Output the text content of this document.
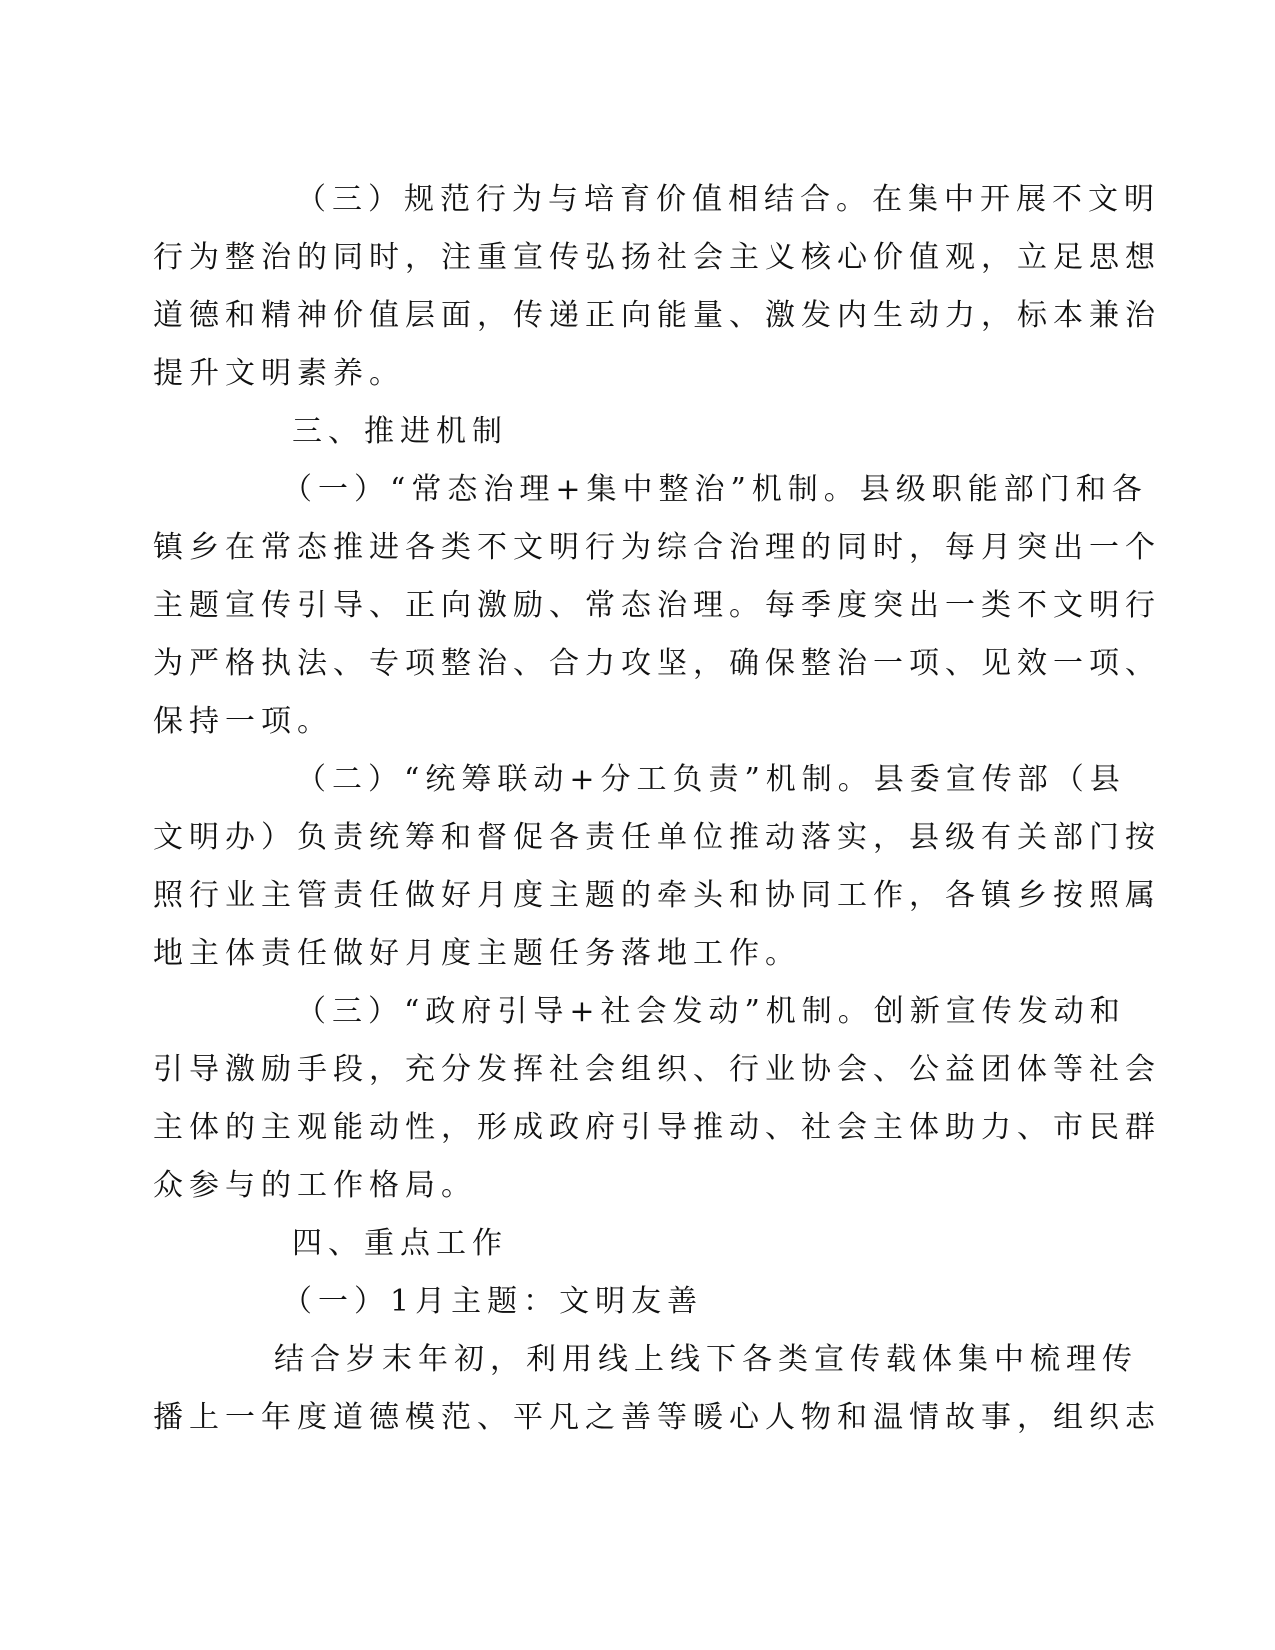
（三）规范行为与培育价值相结合。在集中开展不文明
行为整治的同时，注重宣传弘扬社会主义核心价值观，立足思想
道德和精神价值层面，传递正向能量、激发内生动力，标本兼治
提升文明素养。
三、推进机制
（一）“常态治理+集中整治”机制。县级职能部门和各
镇乡在常态推进各类不文明行为综合治理的同时，每月突出一个
主题宣传引导、正向激励、常态治理。每季度突出一类不文明行
为严格执法、专项整治、合力攻坚，确保整治一项、见效一项、
保持一项。
（二）“统筹联动+分工负责”机制。县委宣传部（县
文明办）负责统筹和督促各责任单位推动落实，县级有关部门按
照行业主管责任做好月度主题的牵头和协同工作，各镇乡按照属
地主体责任做好月度主题任务落地工作。
（三）“政府引导+社会发动”机制。创新宣传发动和
引导激励手段，充分发挥社会组织、行业协会、公益团体等社会
主体的主观能动性，形成政府引导推动、社会主体助力、市民群
众参与的工作格局。
四、重点工作
（一）1月主题：文明友善
结合岁末年初，利用线上线下各类宣传载体集中梳理传
播上一年度道德模范、平凡之善等暖心人物和温情故事，组织志
